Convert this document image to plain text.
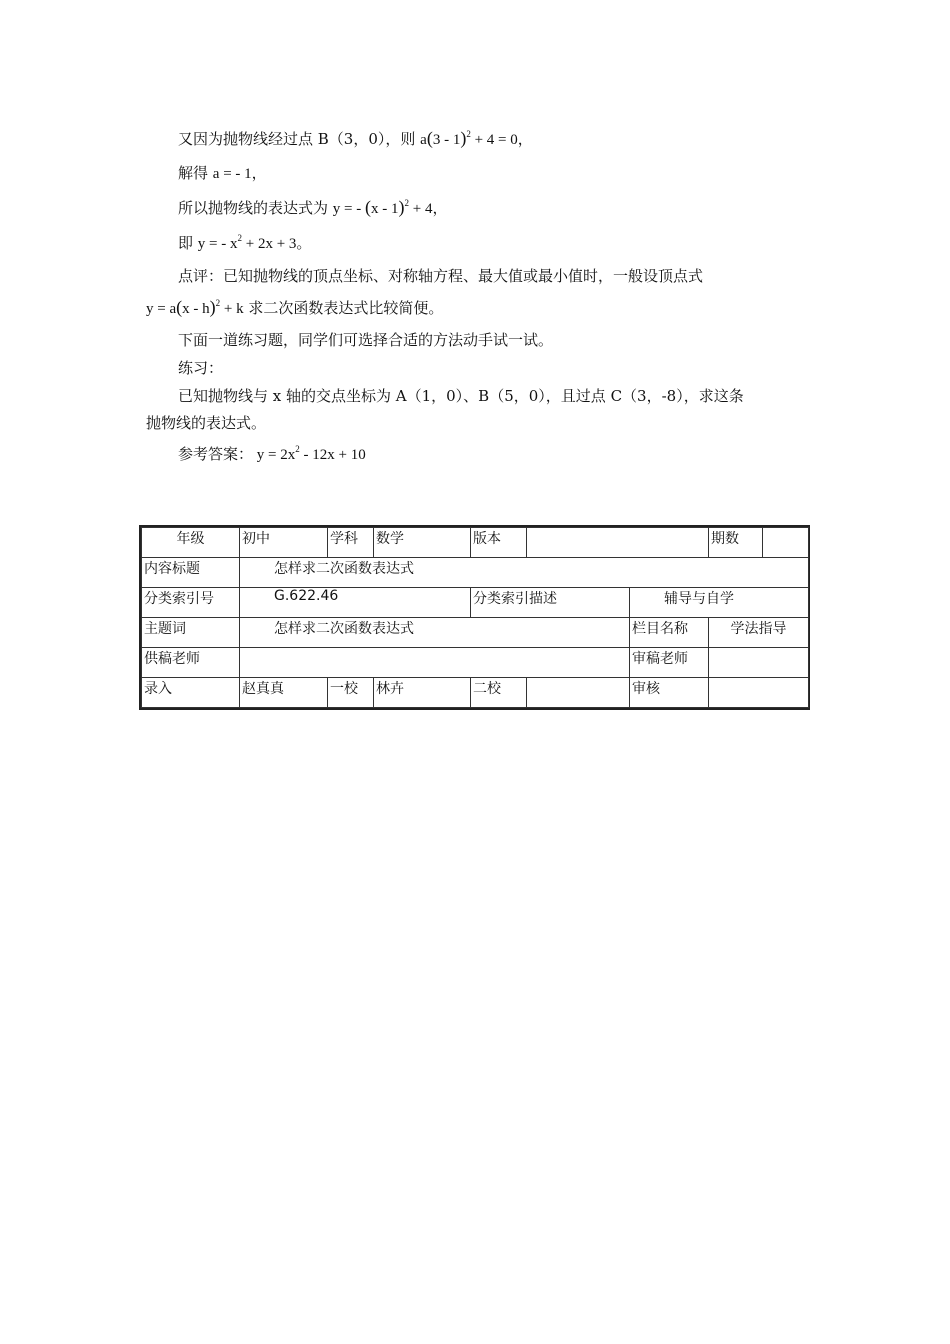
又因为抛物线经过点 B（3，0），则 a(3 - 1)$^2$ + 4 = 0，
解得 a = - 1，
所以抛物线的表达式为 y = - (x - 1)$^2$ + 4，
即 y = - $x^2 + 2x + 3$。
点评：已知抛物线的顶点坐标、对称轴方程、最大值或最小值时，一般设顶点式
y = a(x - h)$^2$ + k 求二次函数表达式比较简便。
下面一道练习题，同学们可选择合适的方法动手试一试。
练习：
已知抛物线与 x 轴的交点坐标为 A（1，0）、B（5，0），且过点 C（3，-8），求这条
抛物线的表达式。
参考答案： $y = 2x^2 - 12x + 10$
年级	初中	学科	数学	版本			期数	
内容标题	怎样求二次函数表达式							
分类索引号	G.622.46			分类索引描述		辅导与自学		
主题词	怎样求二次函数表达式					栏目名称	学法指导	
供稿老师						审稿老师		
录入	赵真真	一校	林卉	二校		审核		
